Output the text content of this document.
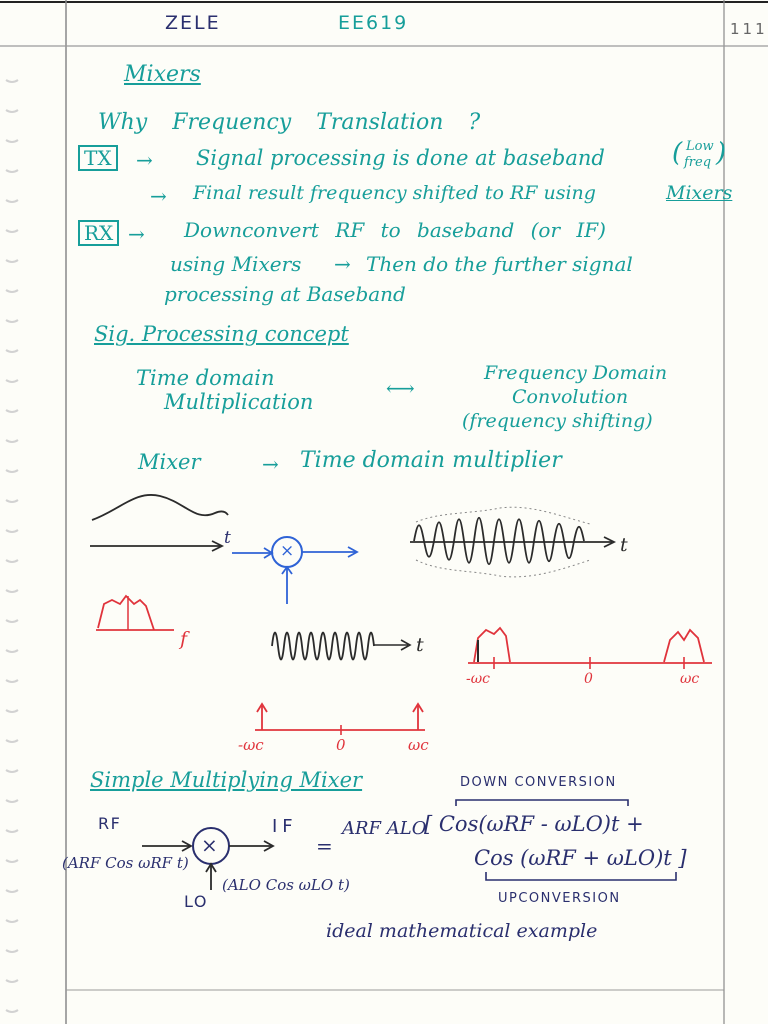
ZELE	EE619	111
Mixers
Why Frequency Translation ?
TX	→ Signal processing is done at baseband	( Low
freq )
→ Final result frequency shifted to RF using	Mixers
RX → Downconvert RF to baseband (or IF)
using Mixers → Then do the further signal
processing at Baseband
Sig. Processing concept
Time domain
Multiplication
⟷
Frequency Domain
Convolution
(frequency shifting)
Mixer	→ Time domain multiplier
t
×	t
f	t
-ωc	0	ωc
-ωc	0	ωc
Simple Multiplying Mixer	DOWN CONVERSION
RF
(ARF Cos ωRF t)
×
IF
=
ARF ALO
[ Cos(ωRF - ωLO)t +
Cos (ωRF + ωLO)t ]
UPCONVERSION
LO
(ALO Cos ωLO t)
ideal mathematical example
